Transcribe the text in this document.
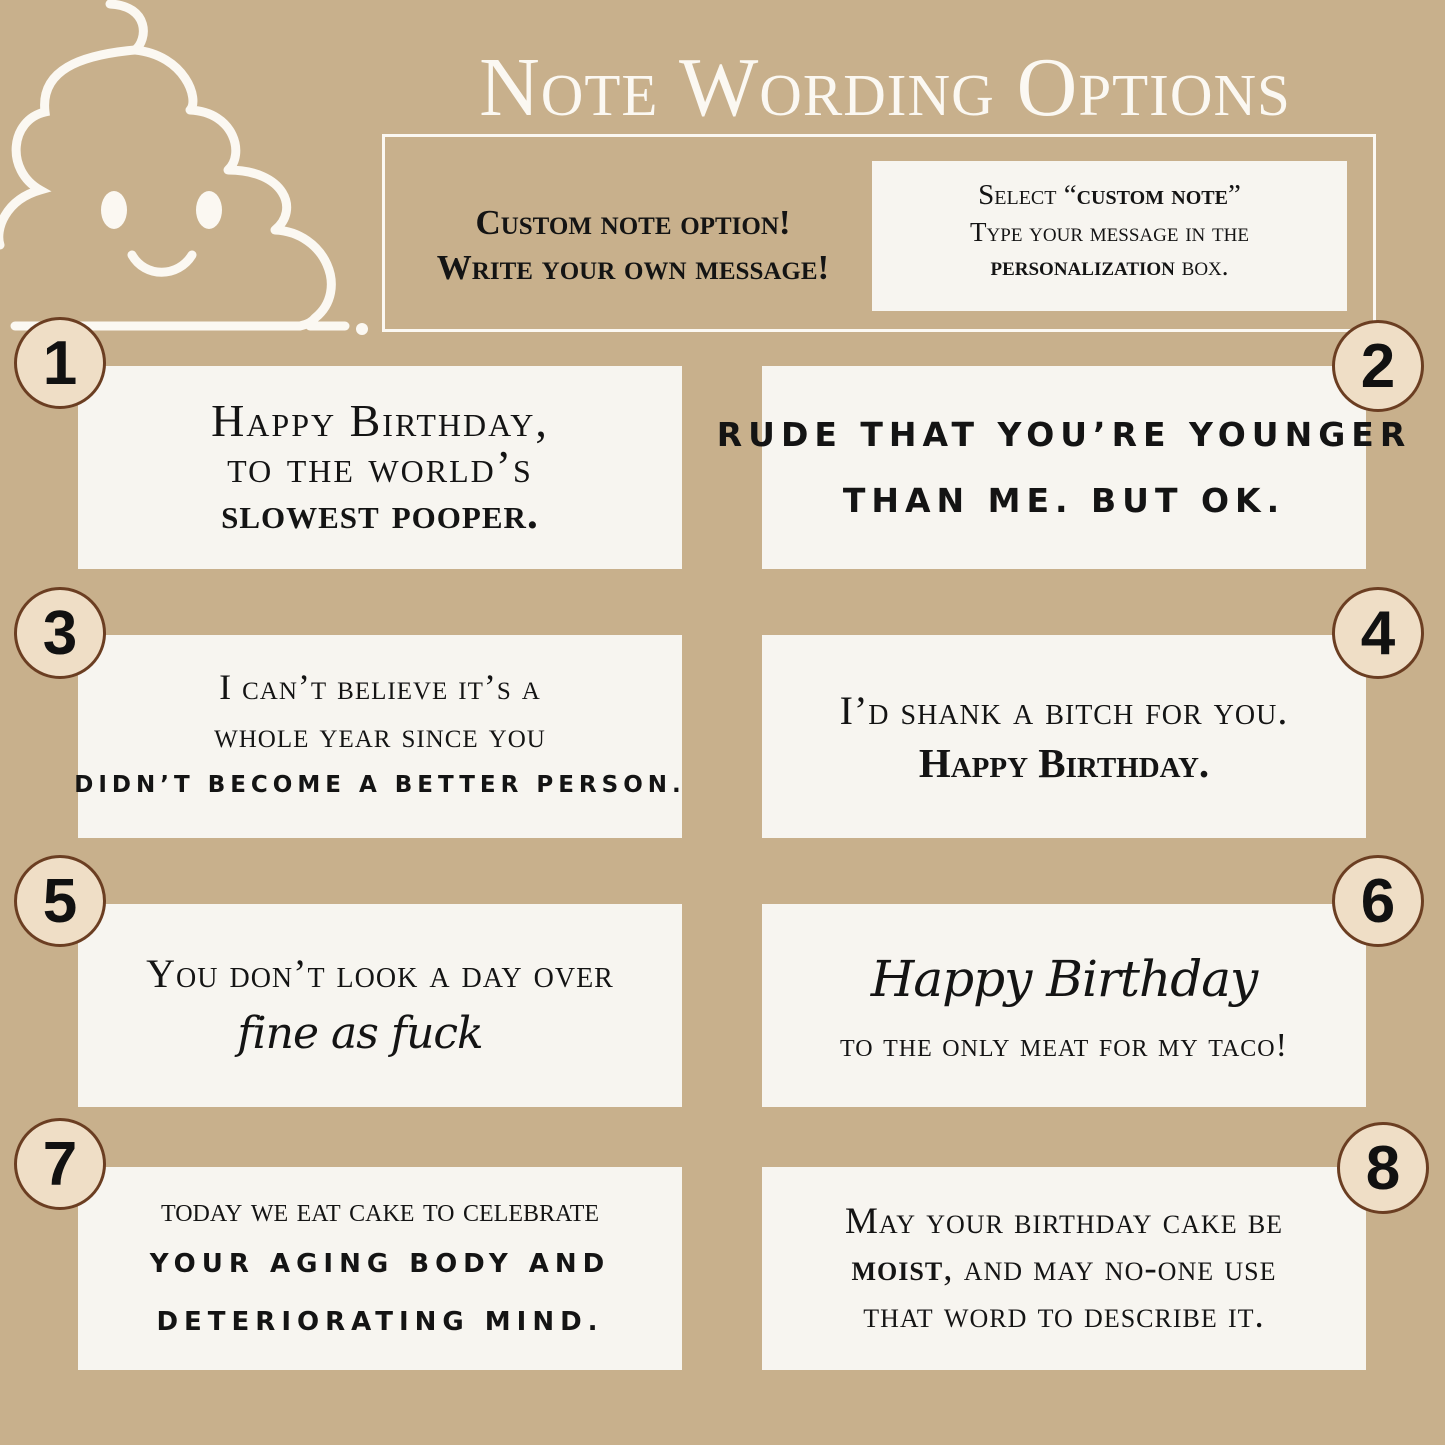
Note Wording Options
Custom note option!
Write your own message!
Select “custom note”
Type your message in the
personalization box.
Happy Birthday,
to the world’s
slowest pooper.
1
RUDE THAT YOU’RE YOUNGER
THAN ME. BUT OK.
2
I can’t believe it’s a
whole year since you
DIDN’T BECOME A BETTER PERSON.
3
I’d shank a bitch for you.
Happy Birthday.
4
You don’t look a day over
fine as fuck
5
Happy Birthday
to the only meat for my taco!
6
today we eat cake to celebrate
YOUR AGING BODY AND
DETERIORATING MIND.
7
May your birthday cake be
moist, and may no-one use
that word to describe it.
8
